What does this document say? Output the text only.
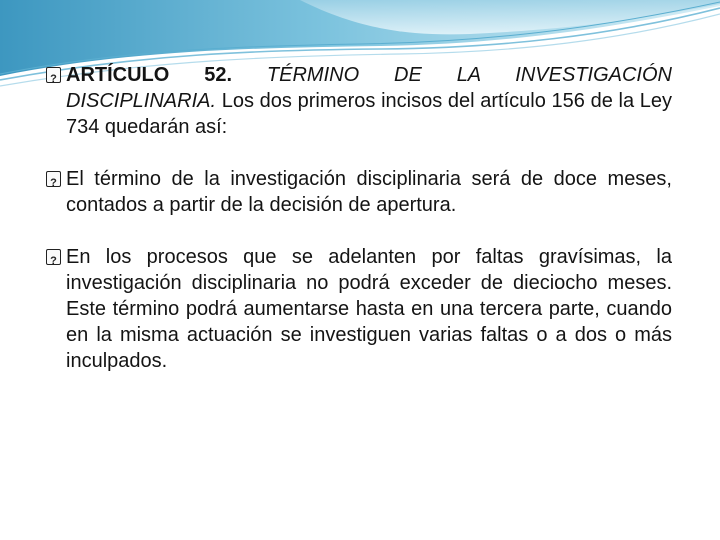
?
ARTÍCULO 52. TÉRMINO DE LA INVESTIGACIÓN DISCIPLINARIA. Los dos primeros incisos del artículo 156 de la Ley 734 quedarán así:

?
El término de la investigación disciplinaria será de doce meses, contados a partir de la decisión de apertura.

?
En los procesos que se adelanten por faltas gravísimas, la investigación disciplinaria no podrá exceder de dieciocho meses. Este término podrá aumentarse hasta en una tercera parte, cuando en la misma actuación se investiguen varias faltas o a dos o más inculpados.
